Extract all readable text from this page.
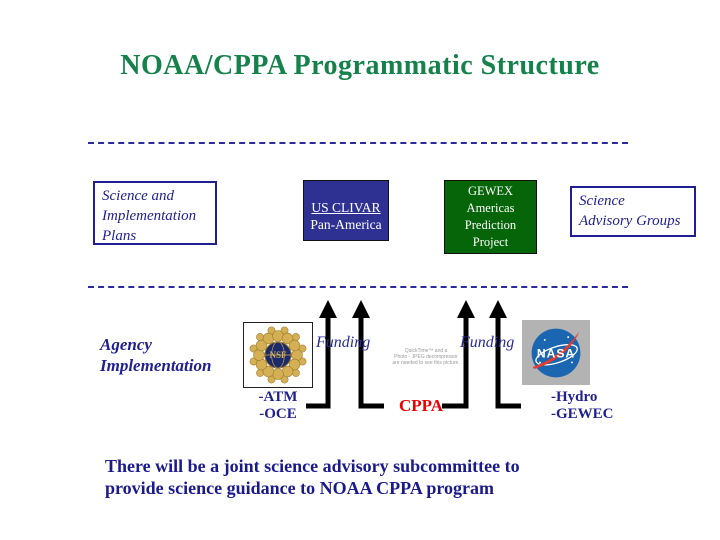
NOAA/CPPA Programmatic Structure
Science and
Implementation
Plans
US CLIVAR
Pan-America
GEWEX
Americas
Prediction
Project
Science
Advisory Groups
Agency
Implementation
NSF	NASA
Funding	Funding
QuickTime™ and a
Photo - JPEG decompressor
are needed to see this picture.
-ATM
-OCE	CPPA	-Hydro
-GEWEC
There will be a joint science advisory subcommittee to
provide science guidance to NOAA CPPA program
